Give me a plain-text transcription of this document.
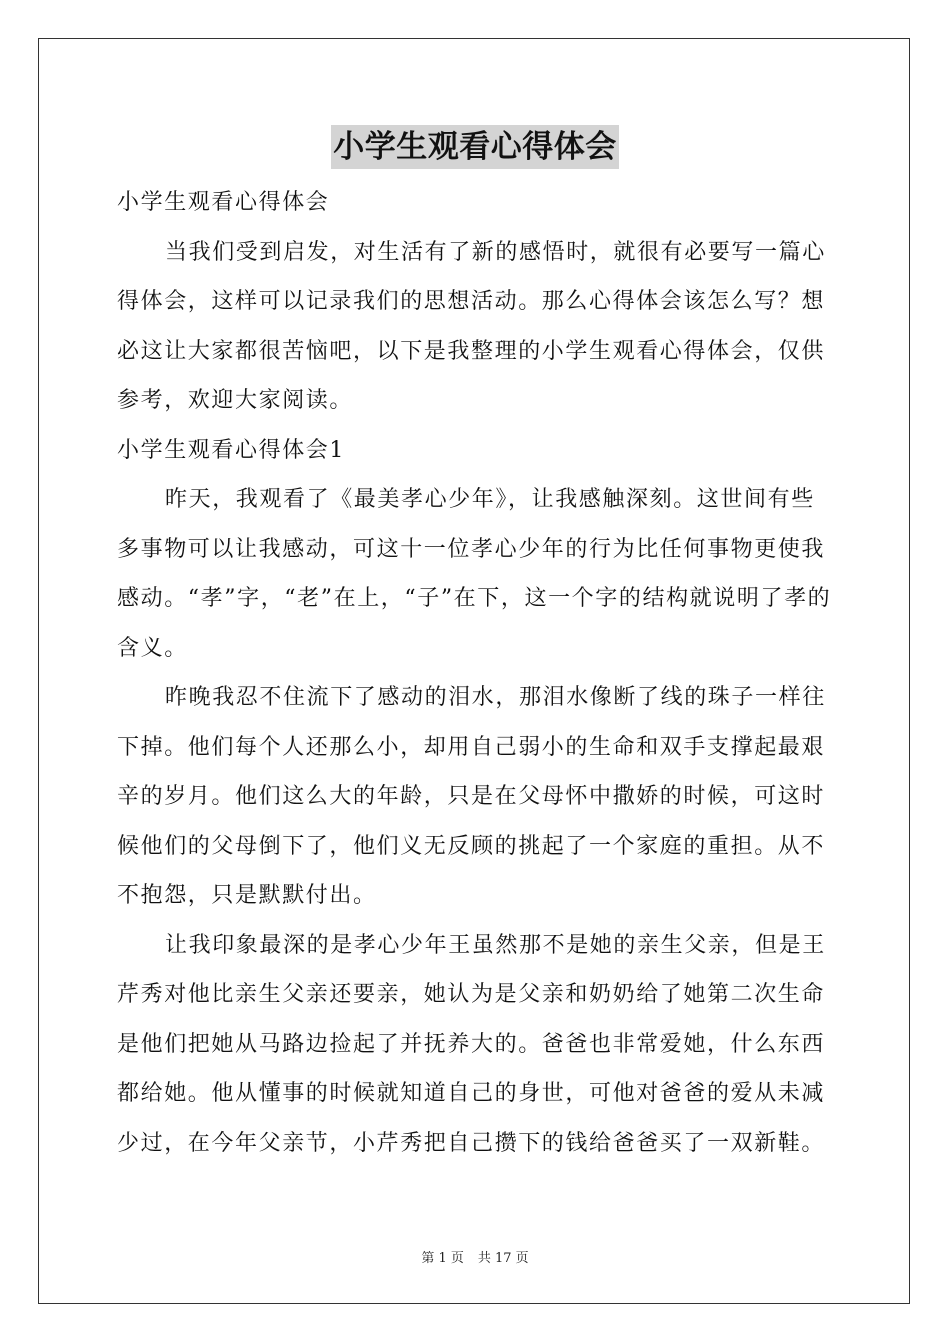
小学生观看心得体会

小学生观看心得体会

当我们受到启发，对生活有了新的感悟时，就很有必要写一篇心得体会，这样可以记录我们的思想活动。那么心得体会该怎么写？想必这让大家都很苦恼吧，以下是我整理的小学生观看心得体会，仅供参考，欢迎大家阅读。

小学生观看心得体会1

昨天，我观看了《最美孝心少年》，让我感触深刻。这世间有些多事物可以让我感动，可这十一位孝心少年的行为比任何事物更使我感动。“孝”字，“老”在上，“子”在下，这一个字的结构就说明了孝的含义。

昨晚我忍不住流下了感动的泪水，那泪水像断了线的珠子一样往下掉。他们每个人还那么小，却用自己弱小的生命和双手支撑起最艰辛的岁月。他们这么大的年龄，只是在父母怀中撒娇的时候，可这时候他们的父母倒下了，他们义无反顾的挑起了一个家庭的重担。从不不抱怨，只是默默付出。

让我印象最深的是孝心少年王虽然那不是她的亲生父亲，但是王芹秀对他比亲生父亲还要亲，她认为是父亲和奶奶给了她第二次生命是他们把她从马路边捡起了并抚养大的。爸爸也非常爱她，什么东西都给她。他从懂事的时候就知道自己的身世，可他对爸爸的爱从未减少过，在今年父亲节，小芹秀把自己攒下的钱给爸爸买了一双新鞋。

第 1 页 共 17 页
